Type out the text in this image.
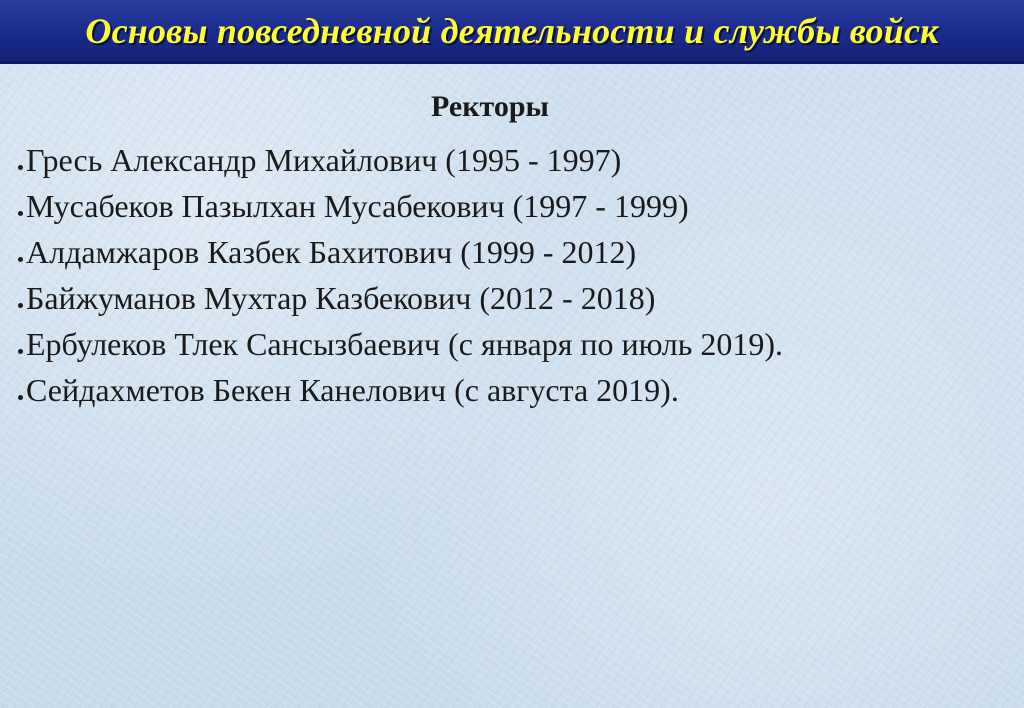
Основы повседневной деятельности и службы войск
Ректоры
Гресь Александр Михайлович (1995 - 1997)
Мусабеков Пазылхан Мусабекович (1997 - 1999)
Алдамжаров Казбек Бахитович (1999 - 2012)
Байжуманов Мухтар Казбекович (2012 - 2018)
Ербулеков Тлек Сансызбаевич (с января по июль 2019).
Сейдахметов Бекен Канелович (с августа 2019).
